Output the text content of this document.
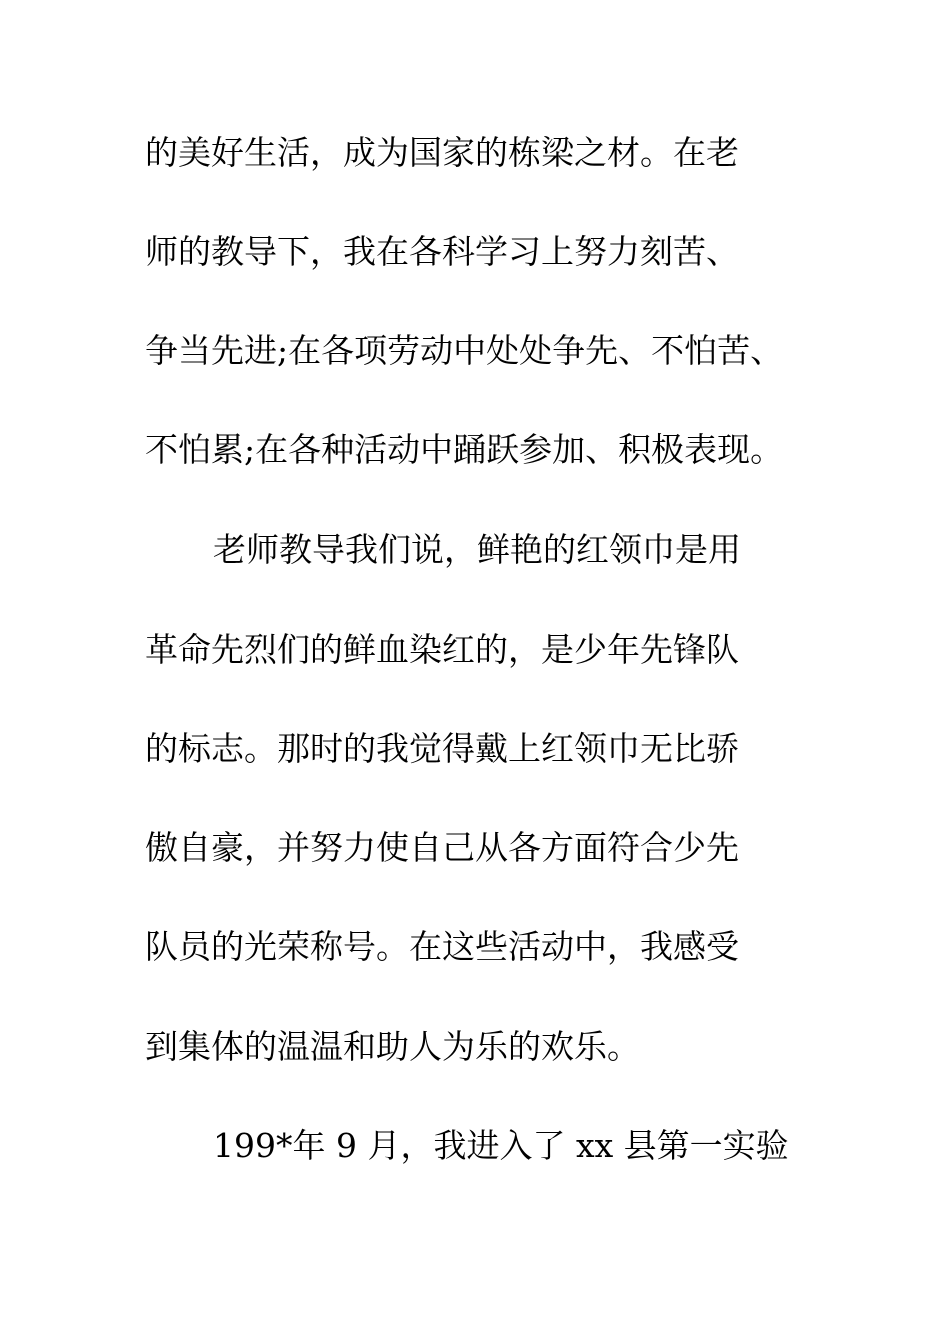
的美好生活，成为国家的栋梁之材。在老
师的教导下，我在各科学习上努力刻苦、
争当先进;在各项劳动中处处争先、不怕苦、
不怕累;在各种活动中踊跃参加、积极表现。
老师教导我们说，鲜艳的红领巾是用
革命先烈们的鲜血染红的，是少年先锋队
的标志。那时的我觉得戴上红领巾无比骄
傲自豪，并努力使自己从各方面符合少先
队员的光荣称号。在这些活动中，我感受
到集体的温温和助人为乐的欢乐。
199*年 9 月，我进入了 xx 县第一实验
